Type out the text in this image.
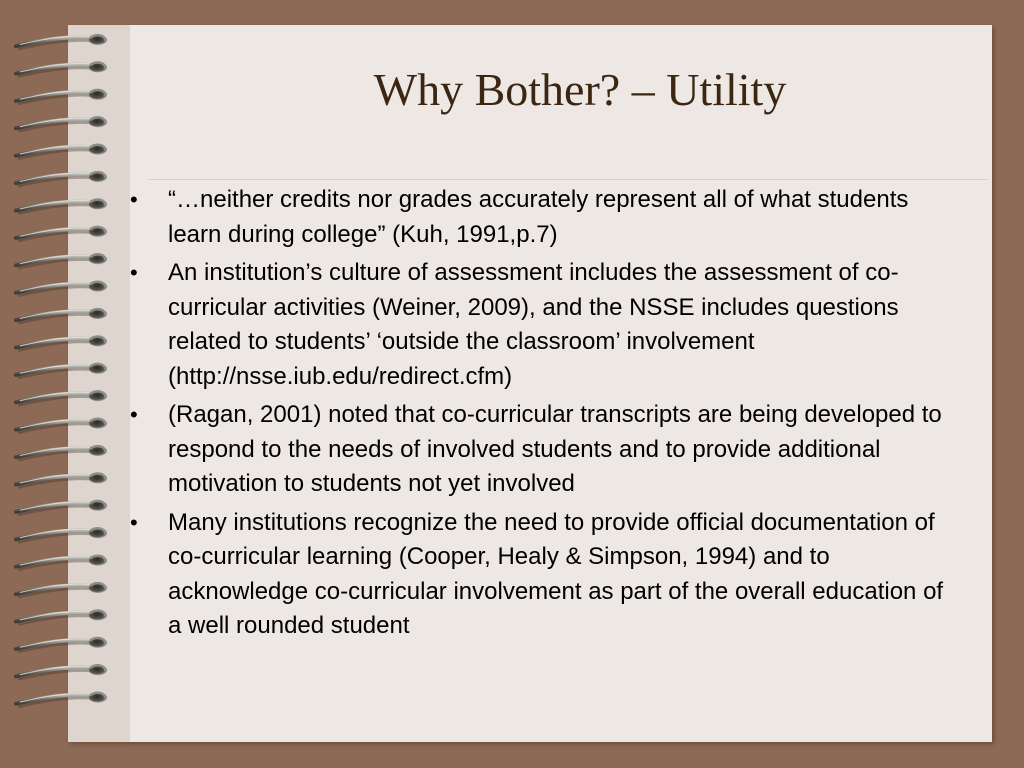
Why Bother? – Utility
• “…neither credits nor grades accurately represent all of what students learn during college” (Kuh, 1991,p.7)
• An institution’s culture of assessment includes the assessment of co-curricular activities (Weiner, 2009), and the NSSE includes questions related to students’ ‘outside the classroom’ involvement (http://nsse.iub.edu/redirect.cfm)
• (Ragan, 2001) noted that co-curricular transcripts are being developed to respond to the needs of involved students and to provide additional motivation to students not yet involved
• Many institutions recognize the need to provide official documentation of co-curricular learning (Cooper, Healy & Simpson, 1994) and to acknowledge co-curricular involvement as part of the overall education of a well rounded student
